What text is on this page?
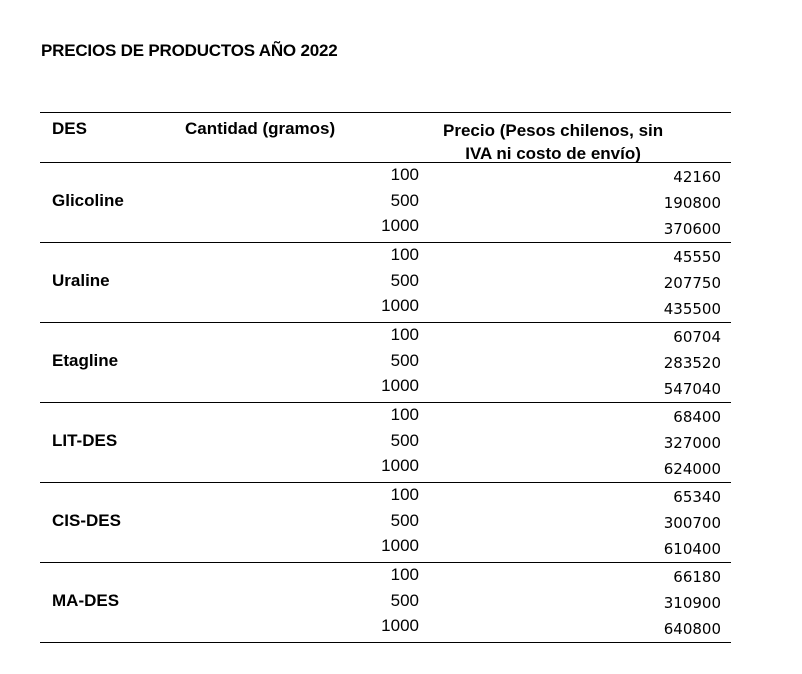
PRECIOS DE PRODUCTOS AÑO 2022
DES	Cantidad (gramos)	Precio (Pesos chilenos, sin
IVA ni costo de envío)
Glicoline
100	42160
500	190800
1000	370600
Uraline
100	45550
500	207750
1000	435500
Etagline
100	60704
500	283520
1000	547040
LIT-DES
100	68400
500	327000
1000	624000
CIS-DES
100	65340
500	300700
1000	610400
MA-DES
100	66180
500	310900
1000	640800
